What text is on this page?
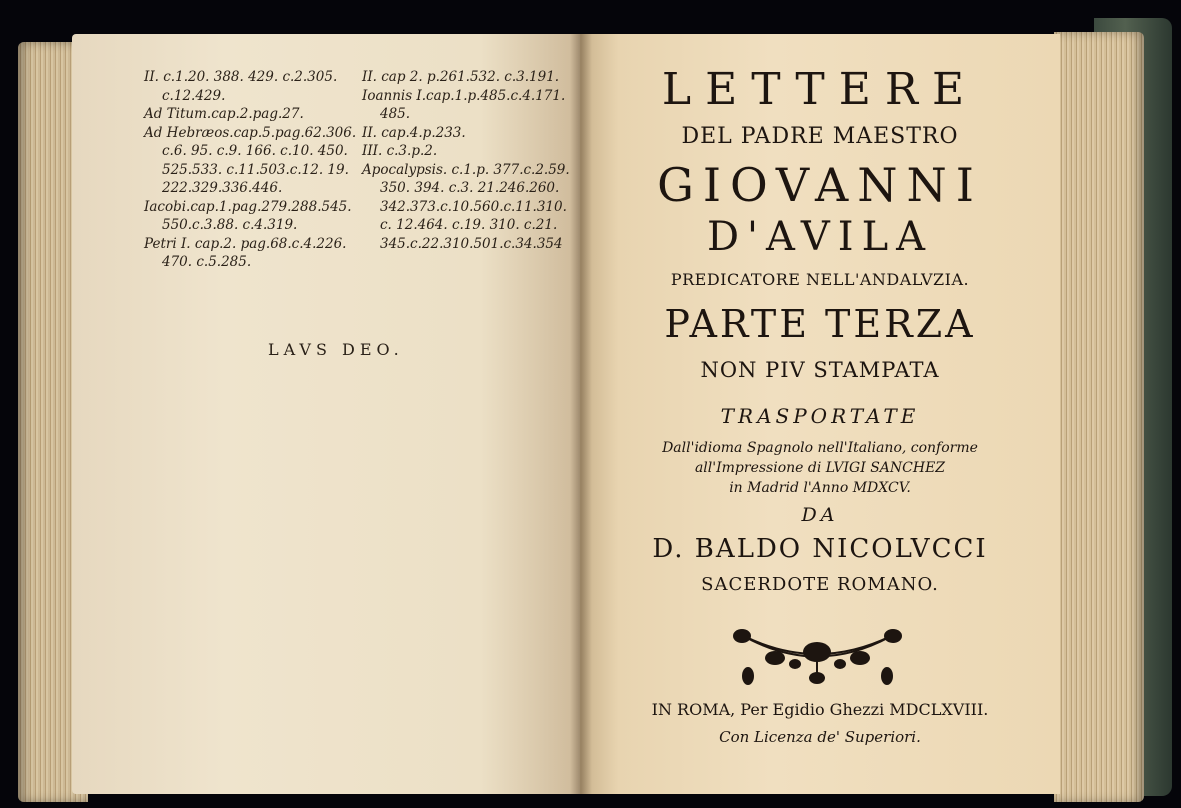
II. c.1.20. 388. 429. c.2.305.
c.12.429.
Ad Titum.cap.2.pag.27.
Ad Hebræos.cap.5.pag.62.306.
c.6. 95. c.9. 166. c.10. 450.
525.533. c.11.503.c.12. 19.
222.329.336.446.
Iacobi.cap.1.pag.279.288.545.
550.c.3.88. c.4.319.
Petri I. cap.2. pag.68.c.4.226.
470. c.5.285.
II. cap 2. p.261.532. c.3.191.
Ioannis I.cap.1.p.485.c.4.171.
485.
II. cap.4.p.233.
III. c.3.p.2.
Apocalypsis. c.1.p. 377.c.2.59.
350. 394. c.3. 21.246.260.
342.373.c.10.560.c.11.310.
c. 12.464. c.19. 310. c.21.
345.c.22.310.501.c.34.354
LAVS DEO.

LETTERE

DEL PADRE MAESTRO

GIOVANNI

D'AVILA

PREDICATORE NELL'ANDALVZIA.

PARTE TERZA

NON PIV STAMPATA

TRASPORTATE

Dall'idioma Spagnolo nell'Italiano, conforme

all'Impressione di LVIGI SANCHEZ

in Madrid l'Anno MDXCV.

DA

D. BALDO NICOLVCCI

SACERDOTE ROMANO.

IN ROMA, Per Egidio Ghezzi MDCLXVIII.

Con Licenza de' Superiori.
